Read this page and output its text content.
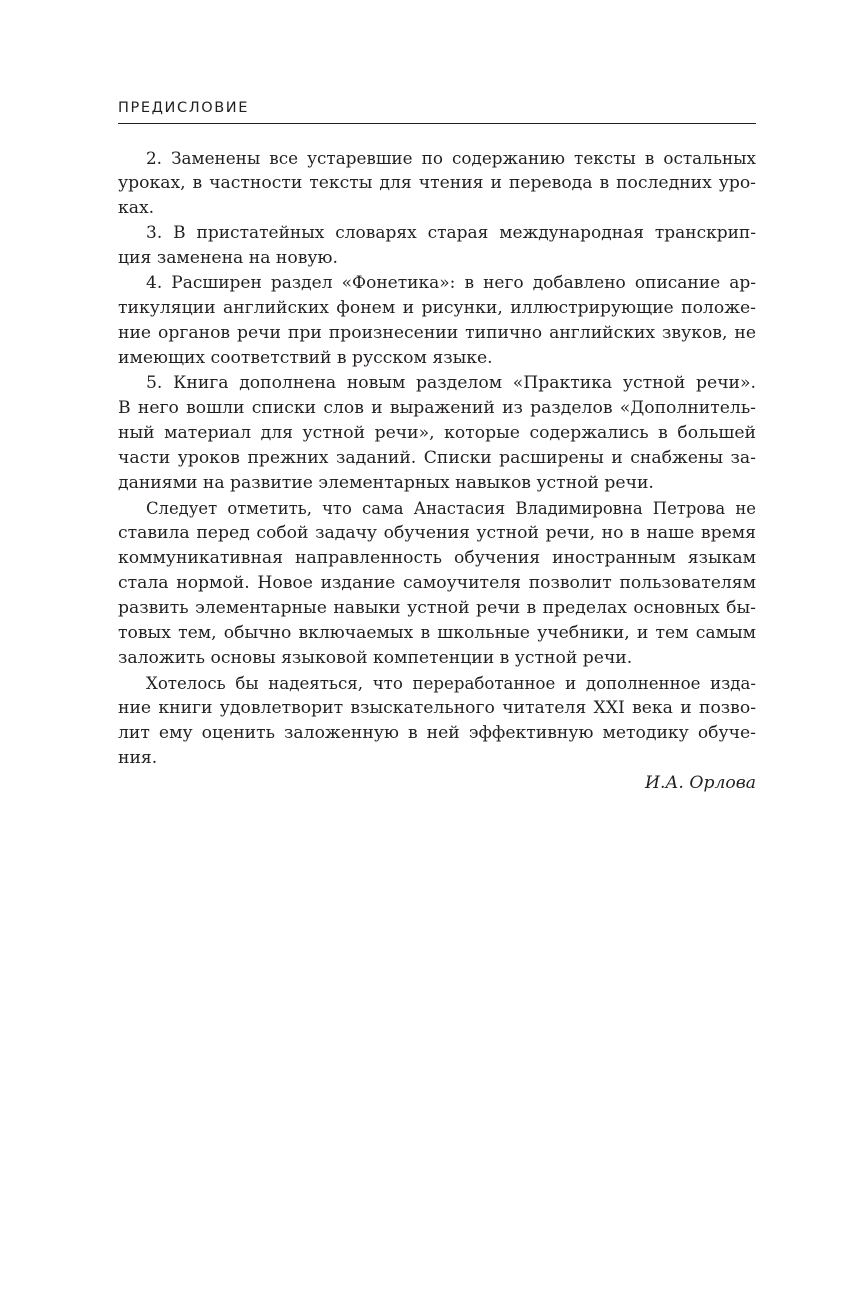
ПРЕДИСЛОВИЕ

2. Заменены все устаревшие по содержанию тексты в остальных
уроках, в частности тексты для чтения и перевода в последних уро-
ках.

3. В пристатейных словарях старая международная транскрип-
ция заменена на новую.

4. Расширен раздел «Фонетика»: в него добавлено описание ар-
тикуляции английских фонем и рисунки, иллюстрирующие положе-
ние органов речи при произнесении типично английских звуков, не
имеющих соответствий в русском языке.

5. Книга дополнена новым разделом «Практика устной речи».
В него вошли списки слов и выражений из разделов «Дополнитель-
ный материал для устной речи», которые содержались в большей
части уроков прежних заданий. Списки расширены и снабжены за-
даниями на развитие элементарных навыков устной речи.

Следует отметить, что сама Анастасия Владимировна Петрова не
ставила перед собой задачу обучения устной речи, но в наше время
коммуникативная направленность обучения иностранным языкам
стала нормой. Новое издание самоучителя позволит пользователям
развить элементарные навыки устной речи в пределах основных бы-
товых тем, обычно включаемых в школьные учебники, и тем самым
заложить основы языковой компетенции в устной речи.

Хотелось бы надеяться, что переработанное и дополненное изда-
ние книги удовлетворит взыскательного читателя XXI века и позво-
лит ему оценить заложенную в ней эффективную методику обуче-
ния.

И.А. Орлова
